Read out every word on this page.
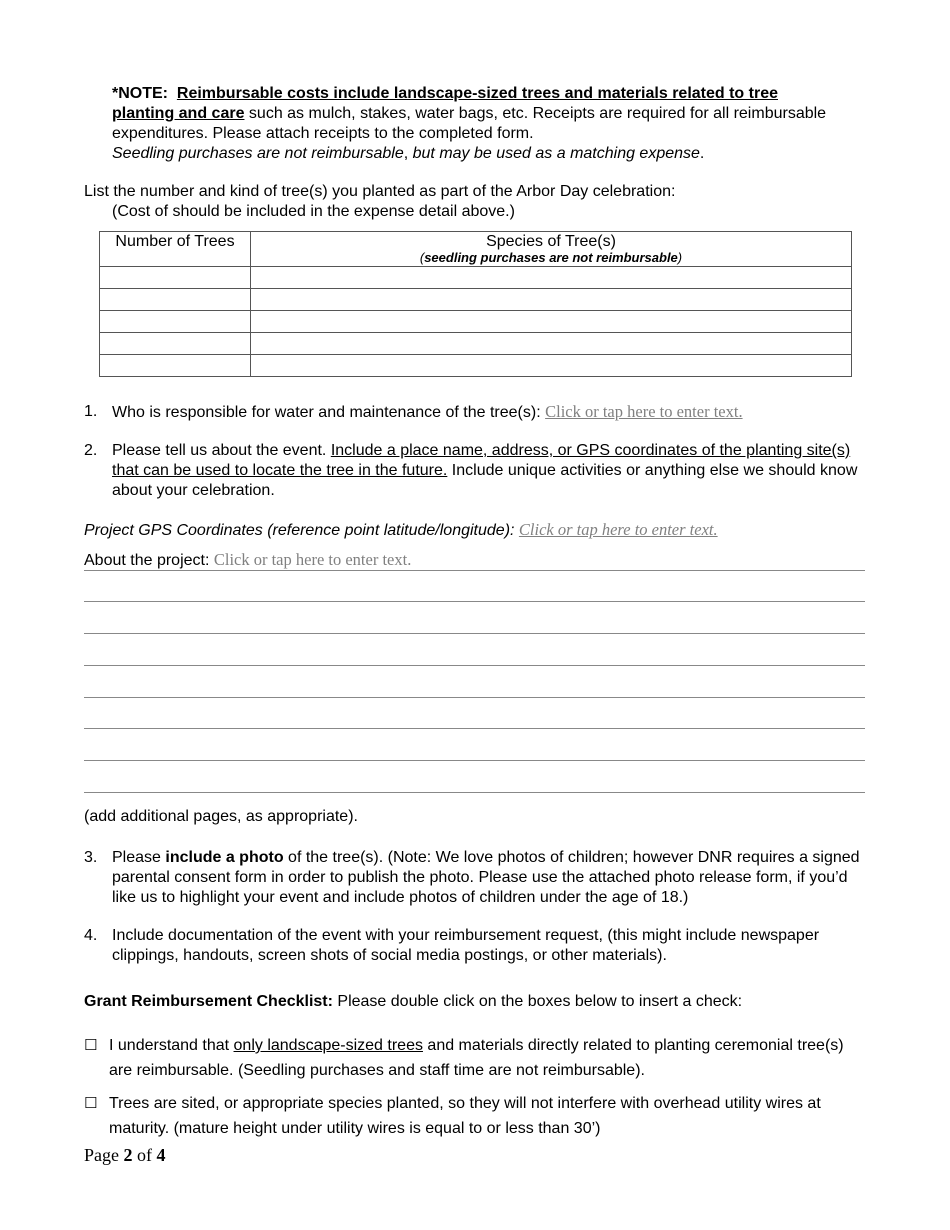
*NOTE: Reimbursable costs include landscape-sized trees and materials related to tree planting and care such as mulch, stakes, water bags, etc. Receipts are required for all reimbursable expenditures. Please attach receipts to the completed form.
Seedling purchases are not reimbursable, but may be used as a matching expense.
List the number and kind of tree(s) you planted as part of the Arbor Day celebration:
(Cost of should be included in the expense detail above.)
Number of Trees	Species of Tree(s)
(seedling purchases are not reimbursable)

1. Who is responsible for water and maintenance of the tree(s): Click or tap here to enter text.
2. Please tell us about the event. Include a place name, address, or GPS coordinates of the planting site(s) that can be used to locate the tree in the future. Include unique activities or anything else we should know about your celebration.
Project GPS Coordinates (reference point latitude/longitude): Click or tap here to enter text.
About the project: Click or tap here to enter text.
(add additional pages, as appropriate).
3. Please include a photo of the tree(s). (Note: We love photos of children; however DNR requires a signed parental consent form in order to publish the photo. Please use the attached photo release form, if you’d like us to highlight your event and include photos of children under the age of 18.)
4. Include documentation of the event with your reimbursement request, (this might include newspaper clippings, handouts, screen shots of social media postings, or other materials).
Grant Reimbursement Checklist: Please double click on the boxes below to insert a check:
☐ I understand that only landscape-sized trees and materials directly related to planting ceremonial tree(s) are reimbursable. (Seedling purchases and staff time are not reimbursable).
☐ Trees are sited, or appropriate species planted, so they will not interfere with overhead utility wires at maturity. (mature height under utility wires is equal to or less than 30’)
Page 2 of 4
